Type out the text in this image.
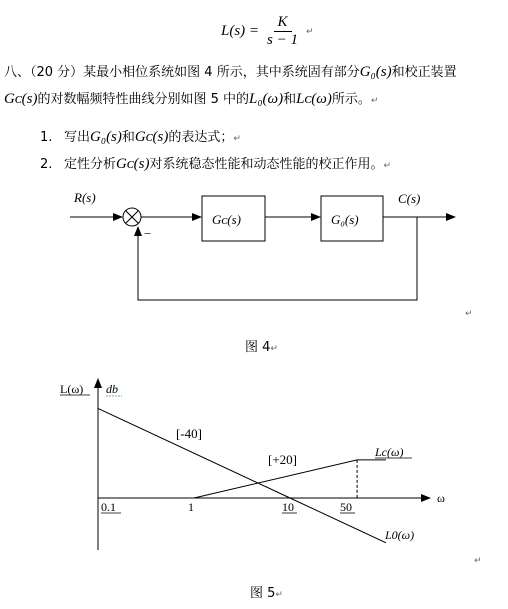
$L(s) = \frac{K}{s - 1}$ ↵
八、（20 分）某最小相位系统如图 4 所示，其中系统固有部分G₀(s)和校正装置
Gᴄ(s)的对数幅频特性曲线分别如图 5 中的L₀(ω)和Lᴄ(ω)所示。↵
1. 写出G₀(s)和Gᴄ(s)的表达式；↵
2. 定性分析Gᴄ(s)对系统稳态性能和动态性能的校正作用。↵
R(s)
−
Gᴄ(s)	G₀(s)
C(s)
↵
图 4↵
L(ω) db
ω
0.1	1	10	50
[-40]
[+20]	Lc(ω)
L0(ω)
↵
图 5↵
